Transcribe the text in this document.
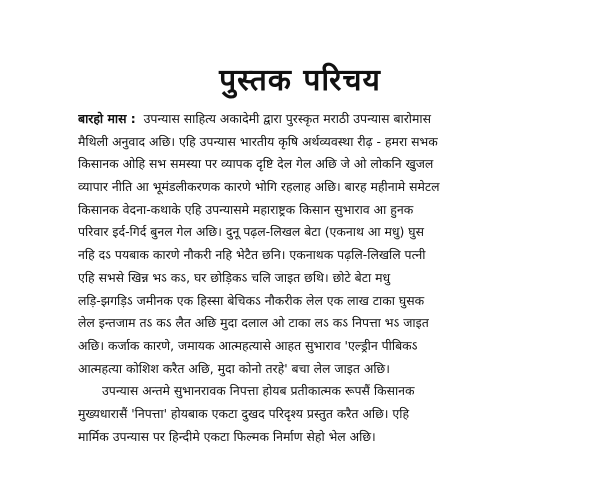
पुस्तक परिचय
बारहो मास : उपन्यास साहित्य अकादेमी द्वारा पुरस्कृत मराठी उपन्यास बारोमास
मैथिली अनुवाद अछि। एहि उपन्यास भारतीय कृषि अर्थव्यवस्था रीढ़ - हमरा सभक
किसानक ओहि सभ समस्या पर व्यापक दृष्टि देल गेल अछि जे ओ लोकनि खुजल
व्यापार नीति आ भूमंडलीकरणक कारणे भोगि रहलाह अछि। बारह महीनामे समेटल
किसानक वेदना-कथाके एहि उपन्यासमे महाराष्ट्रक किसान सुभाराव आ हुनक
परिवार इर्द-गिर्द बुनल गेल अछि। दुनू पढ़ल-लिखल बेटा (एकनाथ आ मधु) घुस
नहि दऽ पयबाक कारणे नौकरी नहि भेटैत छनि। एकनाथक पढ़लि-लिखलि पत्नी
एहि सभसे खिन्न भऽ कऽ, घर छोड़िकऽ चलि जाइत छथि। छोटे बेटा मधु
लड़ि-झगड़िऽ जमीनक एक हिस्सा बेचिकऽ नौकरीक लेल एक लाख टाका घुसक
लेल इन्तजाम तऽ कऽ लैत अछि मुदा दलाल ओ टाका लऽ कऽ निपत्ता भऽ जाइत
अछि। कर्जाक कारणे, जमायक आत्महत्यासे आहत सुभाराव 'एल्ड्रीन पीबिकऽ
आत्महत्या कोशिश करैत अछि, मुदा कोनो तरहे' बचा लेल जाइत अछि।
उपन्यास अन्तमे सुभानरावक निपत्ता होयब प्रतीकात्मक रूपसैं किसानक
मुख्यधारासैं 'निपत्ता' होयबाक एकटा दुखद परिदृश्य प्रस्तुत करैत अछि। एहि
मार्मिक उपन्यास पर हिन्दीमे एकटा फिल्मक निर्माण सेहो भेल अछि।
